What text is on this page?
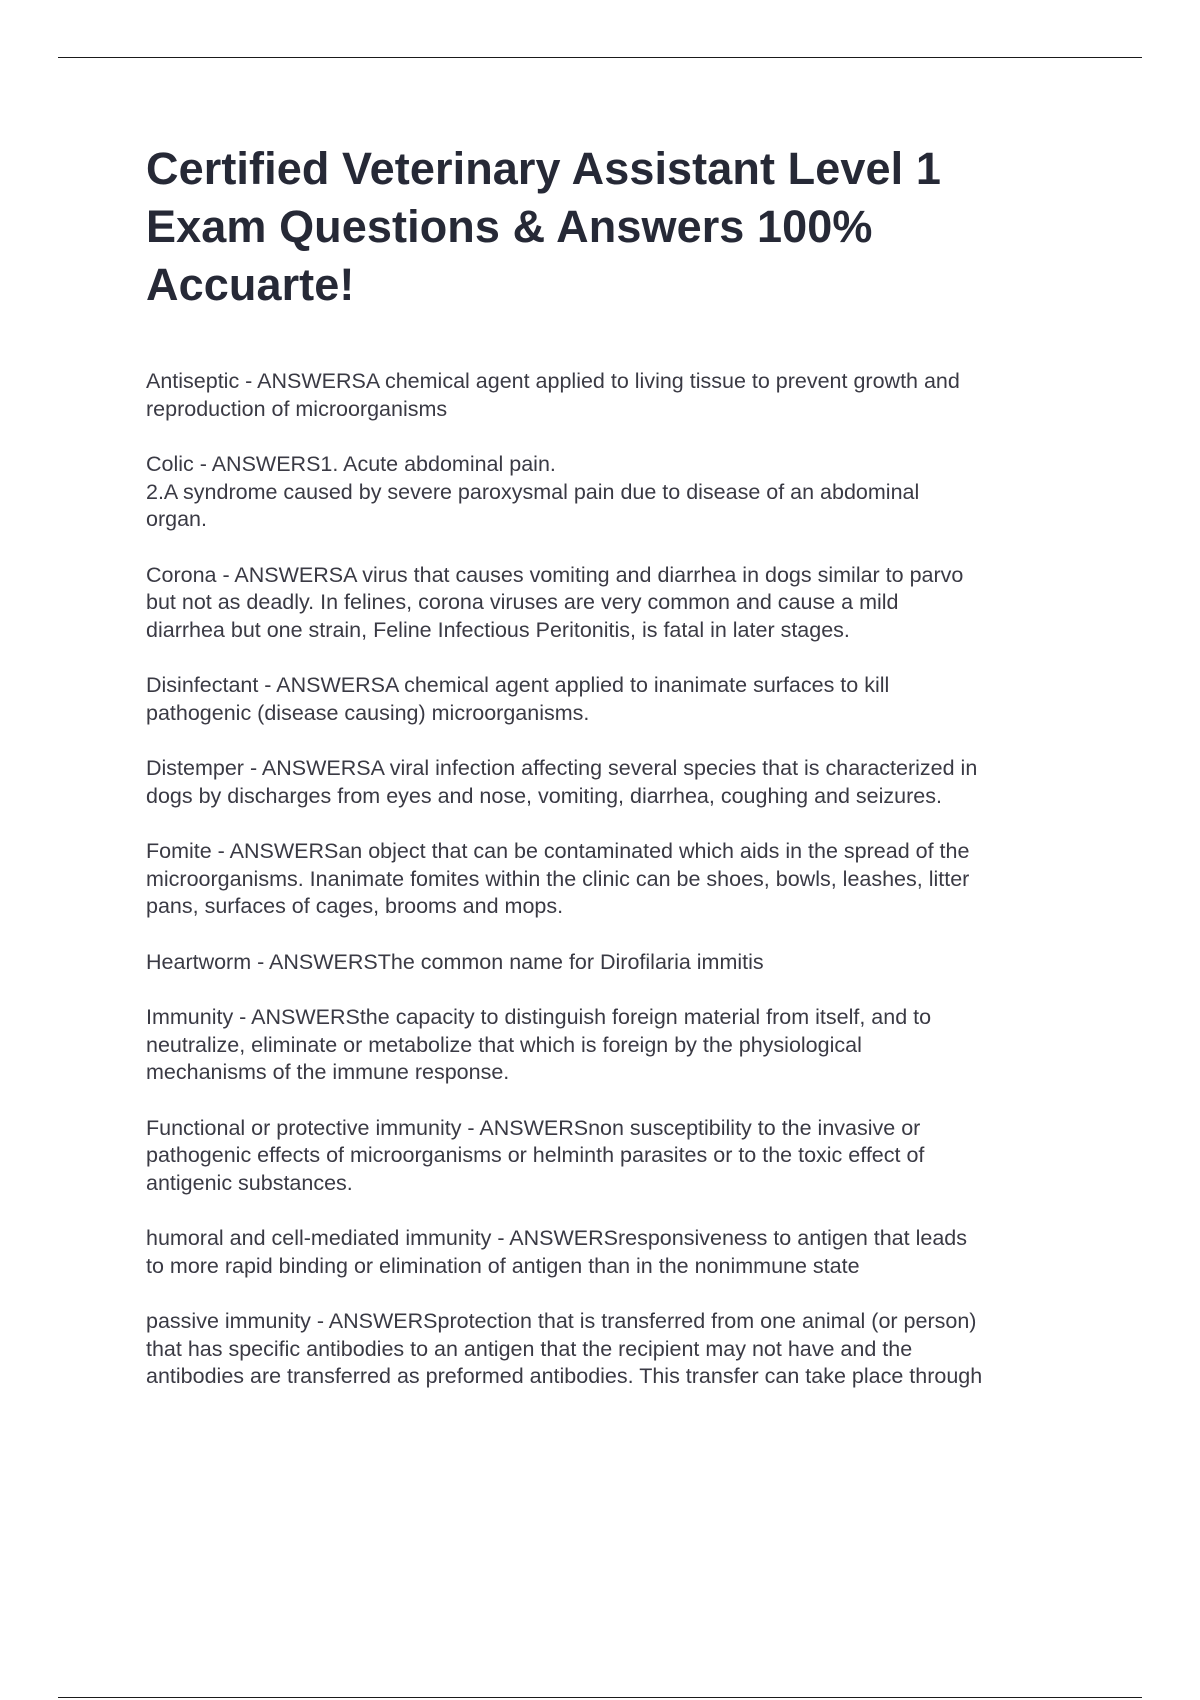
Certified Veterinary Assistant Level 1
Exam Questions & Answers 100%
Accuarte!

Antiseptic - ANSWERSA chemical agent applied to living tissue to prevent growth and
reproduction of microorganisms

Colic - ANSWERS1. Acute abdominal pain.
2.A syndrome caused by severe paroxysmal pain due to disease of an abdominal
organ.

Corona - ANSWERSA virus that causes vomiting and diarrhea in dogs similar to parvo
but not as deadly. In felines, corona viruses are very common and cause a mild
diarrhea but one strain, Feline Infectious Peritonitis, is fatal in later stages.

Disinfectant - ANSWERSA chemical agent applied to inanimate surfaces to kill
pathogenic (disease causing) microorganisms.

Distemper - ANSWERSA viral infection affecting several species that is characterized in
dogs by discharges from eyes and nose, vomiting, diarrhea, coughing and seizures.

Fomite - ANSWERSan object that can be contaminated which aids in the spread of the
microorganisms. Inanimate fomites within the clinic can be shoes, bowls, leashes, litter
pans, surfaces of cages, brooms and mops.

Heartworm - ANSWERSThe common name for Dirofilaria immitis

Immunity - ANSWERSthe capacity to distinguish foreign material from itself, and to
neutralize, eliminate or metabolize that which is foreign by the physiological
mechanisms of the immune response.

Functional or protective immunity - ANSWERSnon susceptibility to the invasive or
pathogenic effects of microorganisms or helminth parasites or to the toxic effect of
antigenic substances.

humoral and cell-mediated immunity - ANSWERSresponsiveness to antigen that leads
to more rapid binding or elimination of antigen than in the nonimmune state

passive immunity - ANSWERSprotection that is transferred from one animal (or person)
that has specific antibodies to an antigen that the recipient may not have and the
antibodies are transferred as preformed antibodies. This transfer can take place through
